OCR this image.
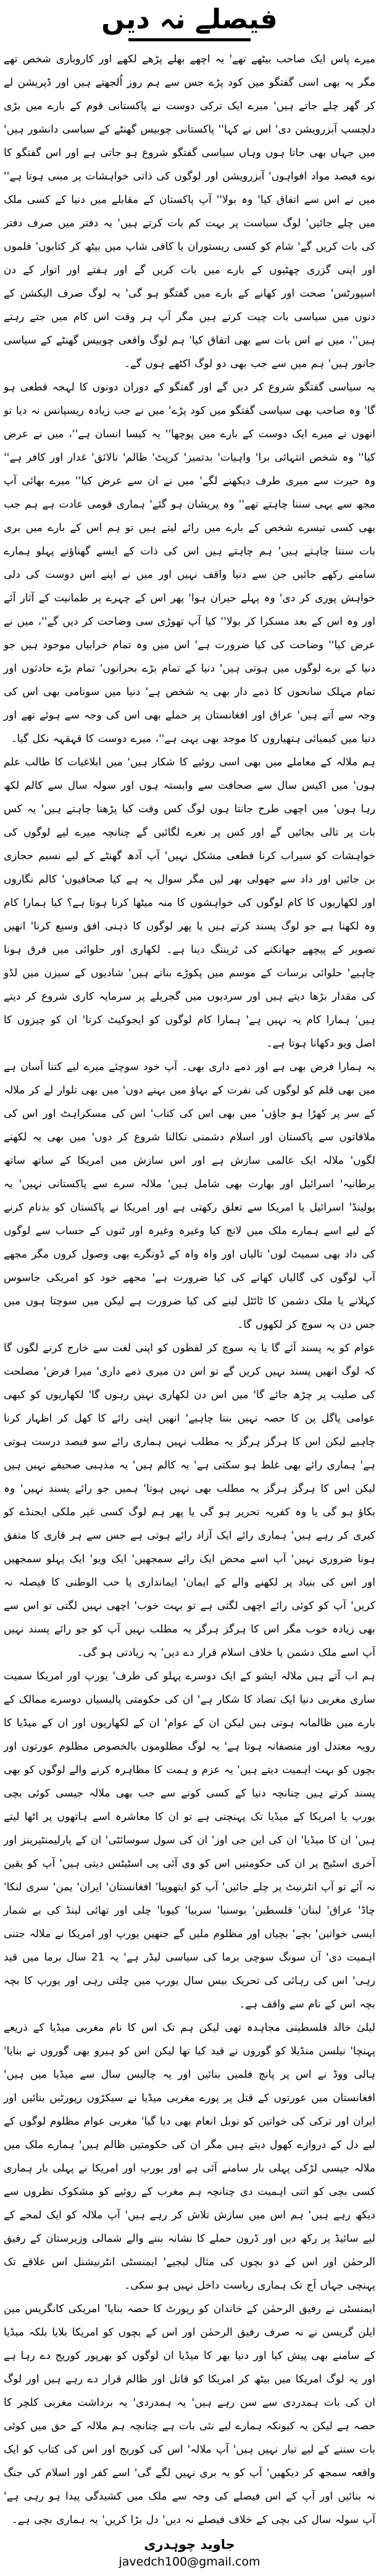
فیصلے نہ دیں

میرے پاس ایک صاحب بیٹھے تھے' یہ اچھے بھلے پڑھے لکھے اور کاروباری شخص تھے مگر یہ بھی اسی گفتگو میں کود پڑے جس سے ہم روز اُلجھتے ہیں اور ڈپریشن لے کر گھر چلے جاتے ہیں' میرے ایک ترکی دوست نے پاکستانی قوم کے بارے میں بڑی دلچسپ آبزرویشن دی' اس نے کہا'' پاکستانی چوبیس گھنٹے کے سیاسی دانشور ہیں' میں جہاں بھی جاتا ہوں وہاں سیاسی گفتگو شروع ہو جاتی ہے اور اس گفتگو کا نوے فیصد مواد افواہوں' آبزرویشن اور لوگوں کی ذاتی خواہشات پر مبنی ہوتا ہے'' میں نے اس سے اتفاق کیا' وہ بولا'' آپ پاکستان کے مقابلے میں دنیا کے کسی ملک میں چلے جائیں' لوگ سیاست پر بہت کم بات کرتے ہیں' یہ دفتر میں صرف دفتر کی بات کریں گے' شام کو کسی ریستوران یا کافی شاپ میں بیٹھ کر کتابوں' فلموں اور اپنی گزری چھٹیوں کے بارے میں بات کریں گے اور ہفتے اور اتوار کے دن اسپورٹس' صحت اور کھانے کے بارے میں گفتگو ہو گی' یہ لوگ صرف الیکشن کے دنوں میں سیاسی بات چیت کرتے ہیں مگر آپ ہر وقت اس کام میں جتے رہتے ہیں''، میں نے اس بات سے بھی اتفاق کیا' ہم لوگ واقعی چوبیس گھنٹے کے سیاسی جانور ہیں' ہم میں سے جب بھی دو لوگ اکٹھے ہوں گے۔

یہ سیاسی گفتگو شروع کر دیں گے اور گفتگو کے دوران دونوں کا لہجہ قطعی ہو گا' وہ صاحب بھی سیاسی گفتگو میں کود پڑے' میں نے جب زیادہ ریسپانس نہ دیا تو انھوں نے میرے ایک دوست کے بارے میں پوچھا'' یہ کیسا انسان ہے''، میں نے عرض کیا'' وہ شخص انتہائی برا' واہیات' بدتمیز' کرپٹ' ظالم' نالائق' غدار اور کافر ہے'' وہ حیرت سے میری طرف دیکھنے لگے' میں نے ان سے عرض کیا'' میرے بھائی آپ مجھ سے یہی سننا چاہتے تھے'' وہ پریشان ہو گئے' ہماری قومی عادت ہے ہم جب بھی کسی تیسرے شخص کے بارے میں رائے لیتے ہیں تو ہم اس کے بارے میں بری بات سننا چاہتے ہیں' ہم چاہتے ہیں اس کی ذات کے ایسے گھناؤنے پہلو ہمارے سامنے رکھے جائیں جن سے دنیا واقف نہیں اور میں نے اپنے اس دوست کی دلی خواہش پوری کر دی' وہ پہلے حیران ہوا' پھر اس کے چہرے پر طمانیت کے آثار آئے اور وہ اس کے بعد مسکرا کر بولا'' کیا آپ تھوڑی سی وضاحت کر دیں گے''، میں نے عرض کیا'' وضاحت کی کیا ضرورت ہے' اس میں وہ تمام خرابیاں موجود ہیں جو دنیا کے برے لوگوں میں ہوتی ہیں' دنیا کے تمام بڑے بحرانوں' تمام بڑے حادثوں اور تمام مہلک سانحوں کا ذمے دار بھی یہ شخص ہے' دنیا میں سونامی بھی اس کی وجہ سے آتے ہیں' عراق اور افغانستان پر حملے بھی اس کی وجہ سے ہوئے تھے اور دنیا میں کیمیائی ہتھیاروں کا موجد بھی یہی ہے''، میرے دوست کا قہقہہ نکل گیا۔

ہم ملالہ کے معاملے میں بھی اسی روئیے کا شکار ہیں' میں ابلاغیات کا طالب علم ہوں' میں اکیس سال سے صحافت سے وابستہ ہوں اور سولہ سال سے کالم لکھ رہا ہوں' میں اچھی طرح جانتا ہوں لوگ کس وقت کیا پڑھنا چاہتے ہیں' یہ کس بات پر تالی بجائیں گے اور کس پر نعرے لگائیں گے چنانچہ میرے لیے لوگوں کی خواہشات کو سیراب کرنا قطعی مشکل نہیں' آپ آدھ گھنٹے کے لیے نسیم حجازی بن جائیں اور داد سے جھولی بھر لیں مگر سوال یہ ہے کیا صحافیوں' کالم نگاروں اور لکھاریوں کا کام لوگوں کی خواہشوں کا منہ میٹھا کرنا ہوتا ہے؟ کیا ہمارا کام وہ لکھنا ہے جو لوگ پسند کرتے ہیں یا پھر لوگوں کا ذہنی افق وسیع کرنا' انھیں تصویر کے پیچھے جھانکنے کی ٹریننگ دینا ہے۔ لکھاری اور حلوائی میں فرق ہونا چاہیے' حلوائی برسات کے موسم میں پکوڑے بناتے ہیں' شادیوں کے سیزن میں لڈو کی مقدار بڑھا دیتے ہیں اور سردیوں میں گجریلے پر سرمایہ کاری شروع کر دیتے ہیں' ہمارا کام یہ نہیں ہے' ہمارا کام لوگوں کو ایجوکیٹ کرنا' ان کو چیزوں کا اصل ویو دکھانا ہوتا ہے۔

یہ ہمارا فرض بھی ہے اور ذمے داری بھی۔ آپ خود سوچئے میرے لیے کتنا آسان ہے میں بھی قلم کو لوگوں کی نفرت کے بہاؤ میں بہنے دوں' میں بھی تلوار لے کر ملالہ کے سر پر کھڑا ہو جاؤں' میں بھی اس کی کتاب' اس کی مسکراہٹ اور اس کی ملاقاتوں سے پاکستان اور اسلام دشمنی نکالنا شروع کر دوں' میں بھی یہ لکھنے لگوں' ملالہ ایک عالمی سازش ہے اور اس سازش میں امریکا کے ساتھ ساتھ برطانیہ' اسرائیل اور بھارت بھی شامل ہیں' ملالہ سرے سے پاکستانی نہیں' یہ پولینڈ' اسرائیل یا امریکا سے تعلق رکھتی ہے اور امریکا نے پاکستان کو بدنام کرنے کے لیے اسے ہمارے ملک میں لانچ کیا وغیرہ وغیرہ اور ٹنوں کے حساب سے لوگوں کی داد بھی سمیٹ لوں' تالیاں اور واہ واہ کے ڈونگرے بھی وصول کروں مگر مجھے آپ لوگوں کی گالیاں کھانے کی کیا ضرورت ہے' مجھے خود کو امریکی جاسوس کہلانے یا ملک دشمن کا ٹائٹل لینے کی کیا ضرورت ہے لیکن میں سوچتا ہوں میں جس دن یہ سوچ کر لکھوں گا۔

عوام کو یہ پسند آئے گا یا یہ سوچ کر لفظوں کو اپنی لغت سے خارج کرنے لگوں گا کہ لوگ انھیں پسند نہیں کریں گے تو اس دن میری ذمے داری' میرا فرض' مصلحت کی صلیب پر چڑھ جائے گا' میں اس دن لکھاری نہیں رہوں گا' لکھاریوں کو کبھی عوامی پاگل پن کا حصہ نہیں بننا چاہیے' انھیں اپنی رائے کا کھل کر اظہار کرنا چاہیے لیکن اس کا ہرگز ہرگز یہ مطلب نہیں ہماری رائے سو فیصد درست ہوتی ہے' ہماری رائے بھی غلط ہو سکتی ہے' یہ کالم ہیں' یہ مذہبی صحیفے نہیں ہیں لیکن اس کا ہرگز ہرگز یہ مطلب بھی نہیں ہوتا' ہمیں جو رائے پسند نہیں' وہ بکاؤ ہو گی یا وہ کفریہ تحریر ہو گی یا پھر ہم لوگ کسی غیر ملکی ایجنڈے کو کیری کر رہے ہیں' ہماری رائے ایک آزاد رائے ہوتی ہے جس سے ہر قاری کا متفق ہونا ضروری نہیں' آپ اسے محض ایک رائے سمجھیں' ایک ویو' ایک پہلو سمجھیں اور اس کی بنیاد پر لکھنے والے کے ایمان' ایمانداری یا حب الوطنی کا فیصلہ نہ کریں' آپ کو کوئی رائے اچھی لگتی ہے تو بہت خوب' اچھی نہیں لگتی تو اس سے بھی زیادہ خوب مگر اس کا ہرگز ہرگز یہ مطلب نہیں آپ کو جو رائے پسند نہیں آپ اسے ملک دشمن یا خلاف اسلام قرار دے دیں' یہ زیادتی ہو گی۔

ہم اب آتے ہیں ملالہ ایشو کے ایک دوسرے پہلو کی طرف' یورپ اور امریکا سمیت ساری مغربی دنیا ایک تضاد کا شکار ہے' ان کی حکومتی پالیسیاں دوسرے ممالک کے بارے میں ظالمانہ ہوتی ہیں لیکن ان کے عوام' ان کے لکھاریوں اور ان کے میڈیا کا رویہ معتدل اور منصفانہ ہوتا ہے' یہ لوگ مظلوموں بالخصوص مظلوم عورتوں اور بچوں کو بہت اہمیت دیتے ہیں' یہ عزم و ہمت کا مظاہرہ کرنے والے لوگوں کو بھی پسند کرتے ہیں چنانچہ دنیا کے کسی کونے سے جب بھی ملالہ جیسی کوئی بچی یورپ یا امریکا کے میڈیا تک پہنچتی ہے تو ان کا معاشرہ اسے ہاتھوں پر اٹھا لیتے ہیں' ان کا میڈیا' ان کی این جی اوز' ان کی سول سوسائٹی' ان کے پارلیمنٹیرینز اور آخری اسٹیج پر ان کی حکومتیں اس کو وی آئی پی اسٹیٹس دیتی ہیں' آپ کو یقین نہ آئے تو آپ انٹرنیٹ پر چلے جائیں' آپ کو ایتھوپیا' افغانستان' ایران' یمن' سری لنکا' چاڈ' عراق' لبنان' فلسطین' بوسنیا' سربیا' کیوبا' چلی اور تھائی لینڈ کی بے شمار ایسی خواتین' بچے' بچیاں اور مظلوم ملیں گے جنھیں یورپ اور امریکا نے ملالہ جتنی اہمیت دی' آن سونگ سوچی برما کی سیاسی لیڈر ہے' یہ 21 سال برما میں قید رہی' اس کی رہائی کی تحریک بیس سال یورپ میں چلتی رہی اور یورپ کا بچہ بچہ اس کے نام سے واقف ہے۔

لیلیٰ خالد فلسطینی مجاہدہ تھی لیکن ہم تک اس کا نام مغربی میڈیا کے ذریعے پہنچا' نیلسن منڈیلا کو گوروں نے قید کیا تھا لیکن اس کو ہیرو بھی گوروں نے بنایا' ہالی ووڈ نے اس پر پانچ فلمیں بنائیں اور یہ چالیس سال سے میڈیا میں ہیں' افغانستان میں عورتوں کے قتل پر پورے مغربی میڈیا نے سیکڑوں رپورٹیں بنائیں اور ایران اور ترکی کی خواتین کو نوبل انعام بھی دیا گیا' مغربی عوام مظلوم لوگوں کے لیے دل کے دروازے کھول دیتے ہیں مگر ان کی حکومتیں ظالم ہیں' ہمارے ملک میں ملالہ جیسی لڑکی پہلی بار سامنے آئی ہے اور یورپ اور امریکا نے پہلی بار ہماری کسی بچی کو اتنی اہمیت دی چنانچہ ہم مغرب کے روئیے کو مشکوک نظروں سے دیکھ رہے ہیں' ہم اس میں سازش تلاش کر رہے ہیں' آپ ملالہ کو ایک لمحے کے لیے سائیڈ پر رکھ دیں اور ڈرون حملے کا نشانہ بننے والے شمالی وزیرستان کے رفیق الرحمٰن اور اس کے دو بچوں کی مثال لیجیے' ایمنسٹی انٹرنیشنل اس علاقے تک پہنچی جہاں آج تک ہماری ریاست داخل نہیں ہو سکی۔

ایمنسٹی نے رفیق الرحمٰن کے خاندان کو رپورٹ کا حصہ بنایا' امریکی کانگریس مین ایلن گریسن نے نہ صرف رفیق الرحمٰن اور اس کے بچوں کو امریکا بلایا بلکہ میڈیا کے سامنے بھی پیش کیا اور دنیا بھر کا میڈیا ان لوگوں کو بھرپور کوریج دے رہا ہے اور یہ لوگ امریکا میں بیٹھ کر امریکا کو قاتل اور ظالم قرار دے رہے ہیں اور لوگ ان کی بات ہمدردی سے سن رہے ہیں' یہ ہمدردی' یہ برداشت مغربی کلچر کا حصہ ہے لیکن یہ کیونکہ ہمارے لیے نئی بات ہے چنانچہ ہم ملالہ کے حق میں کوئی بات سننے کے لیے تیار نہیں ہیں' آپ ملالہ' اس کی کوریج اور اس کی کتاب کو ایک واقعہ سمجھ کر دیکھیں' آپ کو یہ بری نہیں لگے گی' اسے کفر اور اسلام کی جنگ نہ بنائیں اور آپ کے اس فیصلے کی وجہ سے ملک میں کشیدگی پیدا ہو رہی ہے' آپ سولہ سال کی بچی کے خلاف فیصلے نہ دیں' دل بڑا کریں' یہ ہماری بچی ہے۔

جاوید چوہدری
javedch100@gmail.com
